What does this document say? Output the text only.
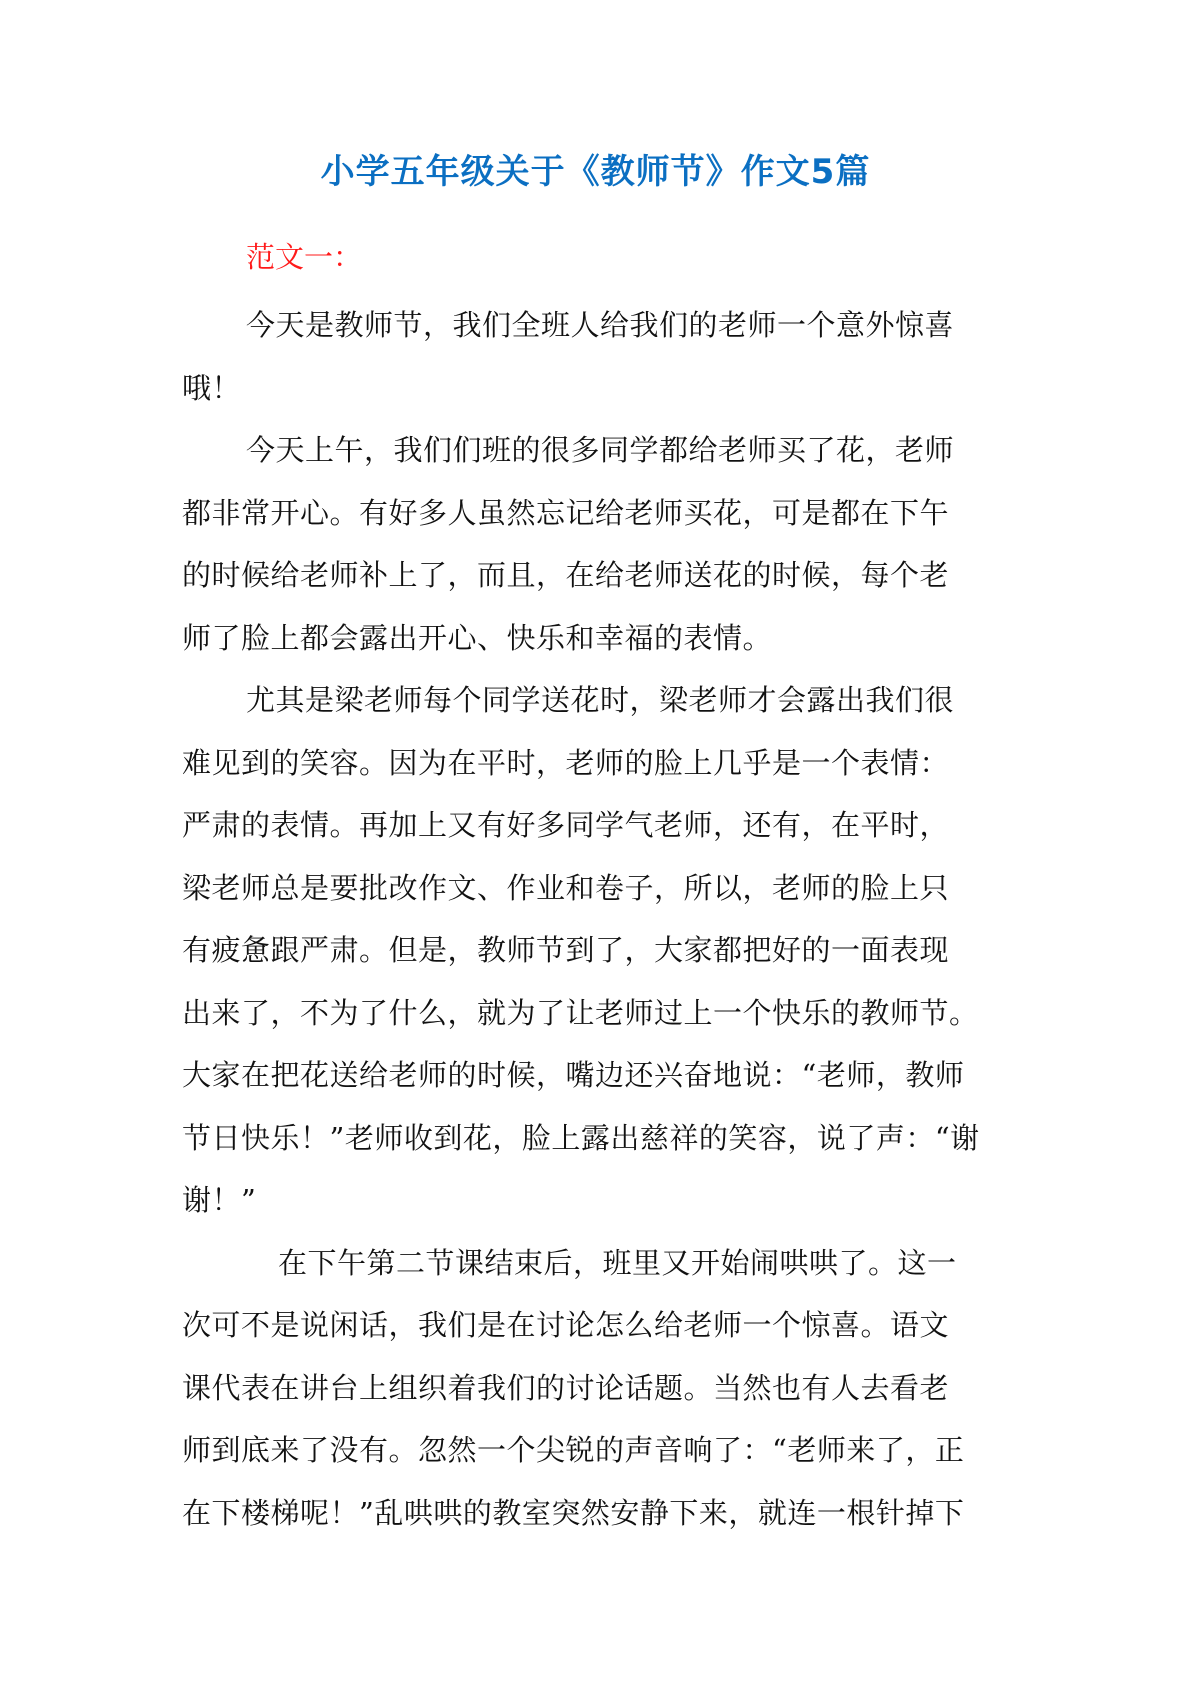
小学五年级关于《教师节》作文5篇

范文一：

今天是教师节，我们全班人给我们的老师一个意外惊喜
哦！

今天上午，我们们班的很多同学都给老师买了花，老师
都非常开心。有好多人虽然忘记给老师买花，可是都在下午
的时候给老师补上了，而且，在给老师送花的时候，每个老
师了脸上都会露出开心、快乐和幸福的表情。

尤其是梁老师每个同学送花时，梁老师才会露出我们很
难见到的笑容。因为在平时，老师的脸上几乎是一个表情：
严肃的表情。再加上又有好多同学气老师，还有，在平时，
梁老师总是要批改作文、作业和卷子，所以，老师的脸上只
有疲惫跟严肃。但是，教师节到了，大家都把好的一面表现
出来了，不为了什么，就为了让老师过上一个快乐的教师节。
大家在把花送给老师的时候，嘴边还兴奋地说：“老师，教师
节日快乐！”老师收到花，脸上露出慈祥的笑容，说了声：“谢
谢！”

在下午第二节课结束后，班里又开始闹哄哄了。这一
次可不是说闲话，我们是在讨论怎么给老师一个惊喜。语文
课代表在讲台上组织着我们的讨论话题。当然也有人去看老
师到底来了没有。忽然一个尖锐的声音响了：“老师来了，正
在下楼梯呢！”乱哄哄的教室突然安静下来，就连一根针掉下
